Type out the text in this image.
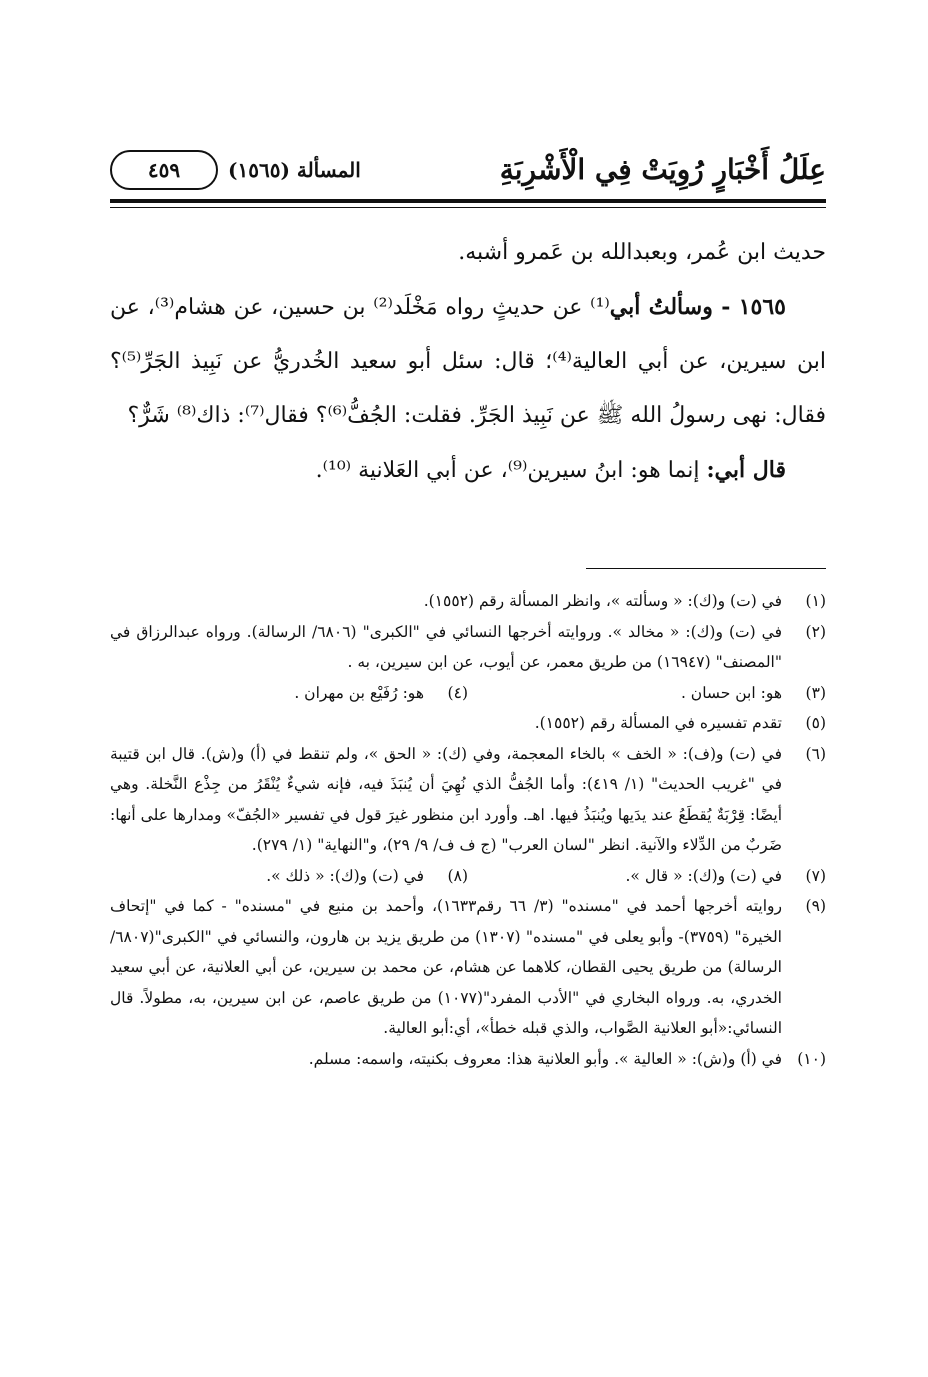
عِلَلُ أَخْبَارٍ رُوِيَتْ فِي الْأَشْرِبَةِ
المسألة (١٥٦٥)
٤٥٩

حديث ابن عُمر، وبعبدالله بن عَمرو أشبه.

١٥٦٥ - وسألتُ أبي⁽¹⁾ عن حديثٍ رواه مَخْلَد⁽²⁾ بن حسين، عن هشام⁽³⁾، عن ابن سيرين، عن أبي العالية⁽⁴⁾؛ قال: سئل أبو سعيد الخُدريُّ عن نَبِيذ الجَرِّ⁽⁵⁾؟ فقال: نهى رسولُ الله ﷺ عن نَبِيذ الجَرِّ. فقلت: الجُفُّ⁽⁶⁾؟ فقال⁽⁷⁾: ذاك⁽⁸⁾ شَرٌّ؟

قال أبي: إنما هو: ابنُ سيرين⁽⁹⁾، عن أبي العَلانية ⁽¹⁰⁾.

(١)
في (ت) و(ك): « وسألته »، وانظر المسألة رقم (١٥٥٢).
(٢)
في (ت) و(ك): « مخالد ». وروايته أخرجها النسائي في "الكبرى" (٦٨٠٦/ الرسالة). ورواه عبدالرزاق في "المصنف" (١٦٩٤٧) من طريق معمر، عن أيوب، عن ابن سيرين، به .
(٣)
هو: ابن حسان .
(٤)
هو: رُفَيْع بن مهران .
(٥)
تقدم تفسيره في المسألة رقم (١٥٥٢).
(٦)
في (ت) و(ف): « الخف » بالخاء المعجمة، وفي (ك): « الحق »، ولم تنقط في (أ) و(ش). قال ابن قتيبة في "غريب الحديث" (١/ ٤١٩): وأما الجُفُّ الذي نُهِيَ أن يُنبَذَ فيه، فإنه شيءٌ يُنْقَرُ من جِذْع النَّخلة. وهي أيضًا: قِرْبَةٌ يُقطَعُ عند يدَيها ويُنبَذُ فيها. اهـ. وأورد ابن منظور غيرَ قول في تفسير «الجُفّ» ومدارها على أنها: ضَربٌ من الدِّلاء والآنية. انظر "لسان العرب" (ج ف ف/ ٩/ ٢٩)، و"النهاية" (١/ ٢٧٩).
(٧)
في (ت) و(ك): « قال ».
(٨)
في (ت) و(ك): « ذلك ».
(٩)
روايته أخرجها أحمد في "مسنده" (٣/ ٦٦ رقم١٦٣٣)، وأحمد بن منيع في "مسنده" - كما في "إتحاف الخيرة" (٣٧٥٩)- وأبو يعلى في "مسنده" (١٣٠٧) من طريق يزيد بن هارون، والنسائي في "الكبرى"(٦٨٠٧/ الرسالة) من طريق يحيى القطان، كلاهما عن هشام، عن محمد بن سيرين، عن أبي العلانية، عن أبي سعيد الخدري، به. ورواه البخاري في "الأدب المفرد"(١٠٧٧) من طريق عاصم، عن ابن سيرين، به، مطولاً. قال النسائي:«أبو العلانية الصَّواب، والذي قبله خطأ»، أي:أبو العالية.
(١٠)
في (أ) و(ش): « العالية ». وأبو العلانية هذا: معروف بكنيته، واسمه: مسلم.
